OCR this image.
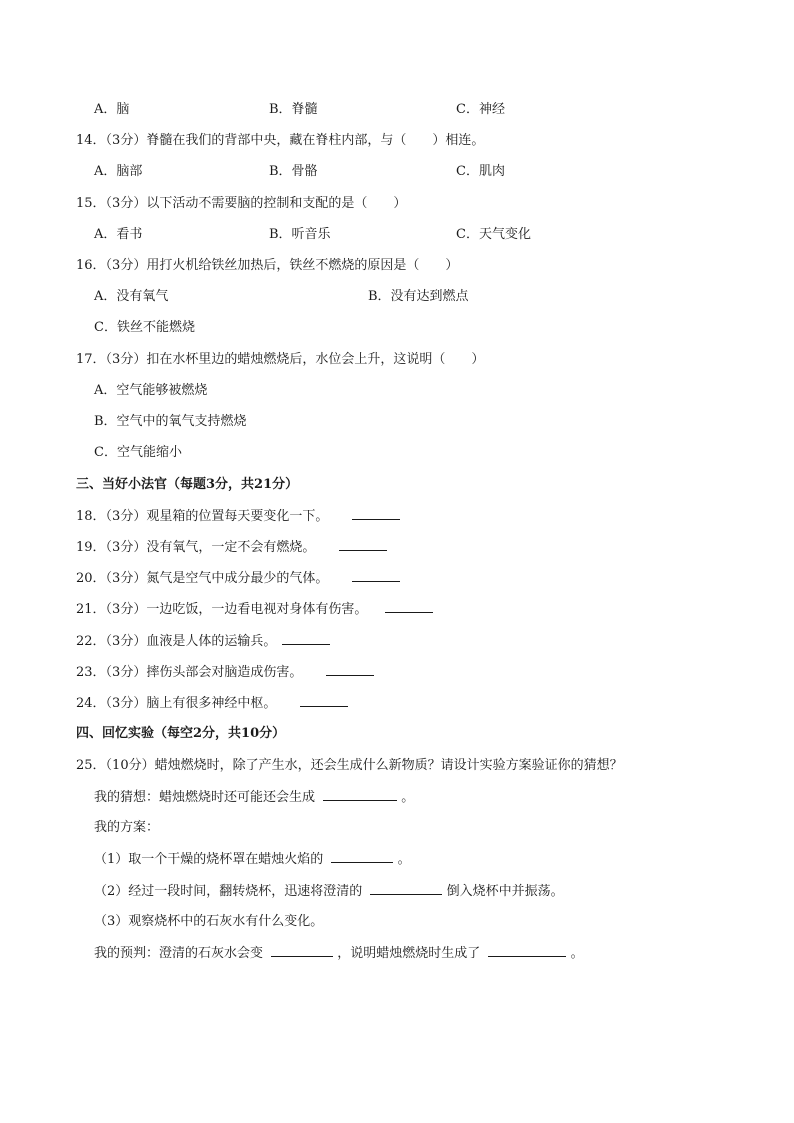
A．脑	B．脊髓	C．神经
14．（3分）脊髓在我们的背部中央，藏在脊柱内部，与（　　）相连。
A．脑部	B．骨骼	C．肌肉
15．（3分）以下活动不需要脑的控制和支配的是（　　）
A．看书	B．听音乐	C．天气变化
16．（3分）用打火机给铁丝加热后，铁丝不燃烧的原因是（　　）
A．没有氧气	B．没有达到燃点
C．铁丝不能燃烧
17．（3分）扣在水杯里边的蜡烛燃烧后，水位会上升，这说明（　　）
A．空气能够被燃烧
B．空气中的氧气支持燃烧
C．空气能缩小
三、当好小法官（每题3分，共21分）
18．（3分）观星箱的位置每天要变化一下。
19．（3分）没有氧气，一定不会有燃烧。
20．（3分）氮气是空气中成分最少的气体。
21．（3分）一边吃饭，一边看电视对身体有伤害。
22．（3分）血液是人体的运输兵。
23．（3分）摔伤头部会对脑造成伤害。
24．（3分）脑上有很多神经中枢。
四、回忆实验（每空2分，共10分）
25．（10分）蜡烛燃烧时，除了产生水，还会生成什么新物质？请设计实验方案验证你的猜想？
我的猜想：蜡烛燃烧时还可能还会生成	。
我的方案：
（1）取一个干燥的烧杯罩在蜡烛火焰的	。
（2）经过一段时间，翻转烧杯，迅速将澄清的	倒入烧杯中并振荡。
（3）观察烧杯中的石灰水有什么变化。
我的预判：澄清的石灰水会变	，说明蜡烛燃烧时生成了	。
